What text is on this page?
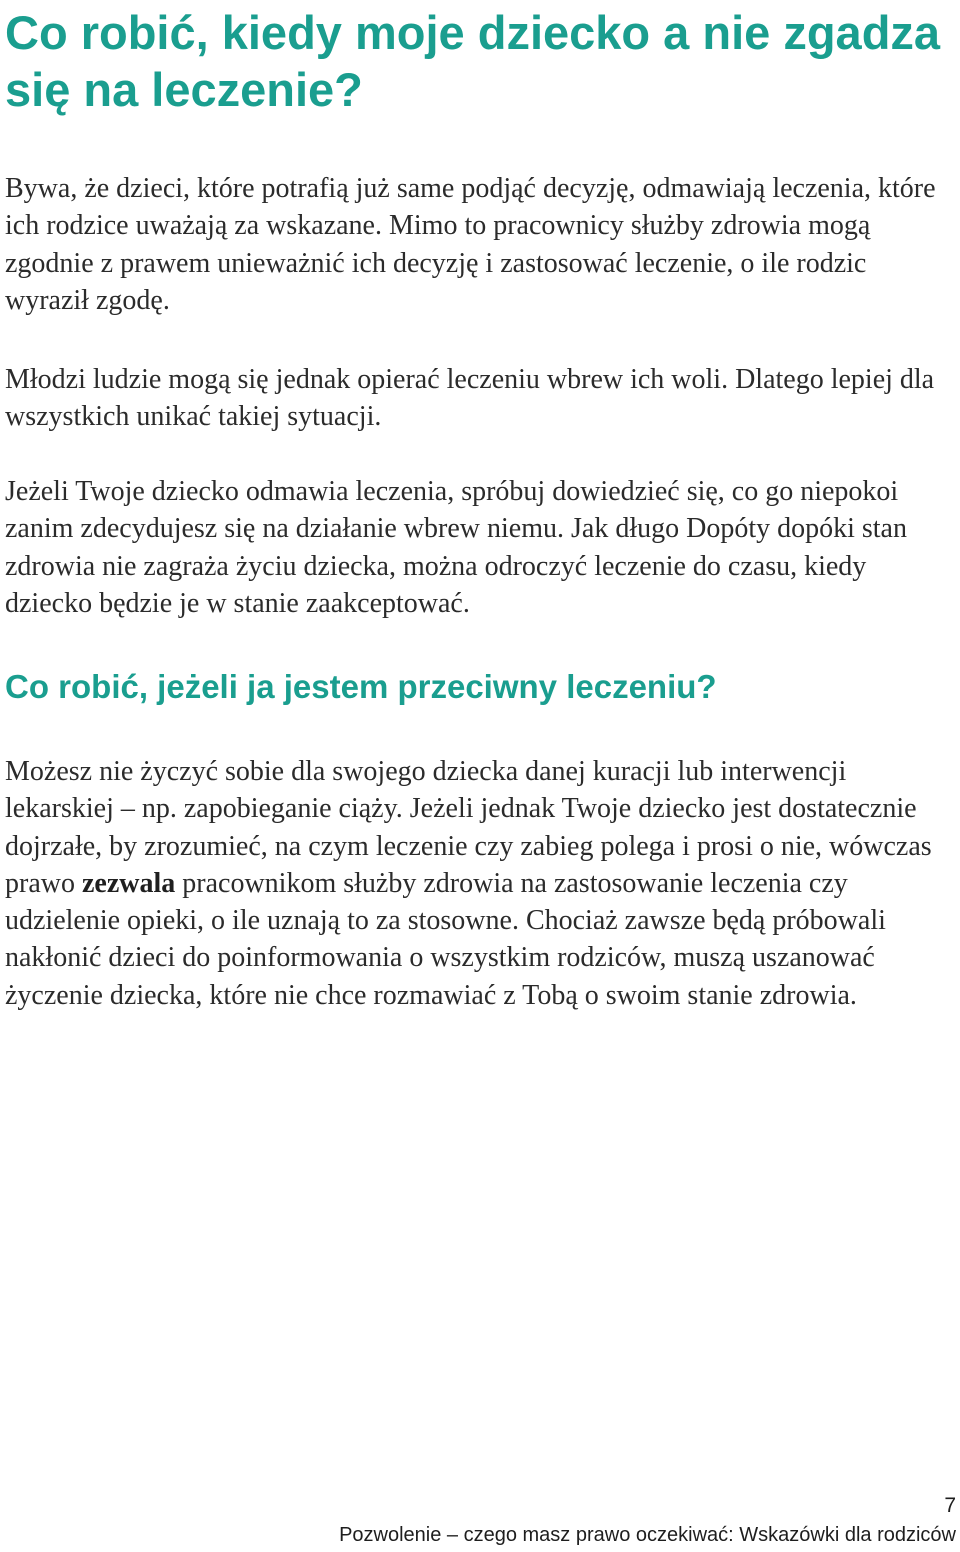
Co robić, kiedy moje dziecko a nie zgadza się na leczenie?

Bywa, że dzieci, które potrafią już same podjąć decyzję, odmawiają leczenia, które ich rodzice uważają za wskazane. Mimo to pracownicy służby zdrowia mogą zgodnie z prawem unieważnić ich decyzję i zastosować leczenie, o ile rodzic wyraził zgodę.

Młodzi ludzie mogą się jednak opierać leczeniu wbrew ich woli. Dlatego lepiej dla wszystkich unikać takiej sytuacji.

Jeżeli Twoje dziecko odmawia leczenia, spróbuj dowiedzieć się, co go niepokoi zanim zdecydujesz się na działanie wbrew niemu. Jak długo Dopóty dopóki stan zdrowia nie zagraża życiu dziecka, można odroczyć leczenie do czasu, kiedy dziecko będzie je w stanie zaakceptować.

Co robić, jeżeli ja jestem przeciwny leczeniu?

Możesz nie życzyć sobie dla swojego dziecka danej kuracji lub interwencji lekarskiej – np. zapobieganie ciąży. Jeżeli jednak Twoje dziecko jest dostatecznie dojrzałe, by zrozumieć, na czym leczenie czy zabieg polega i prosi o nie, wówczas prawo zezwala pracownikom służby zdrowia na zastosowanie leczenia czy udzielenie opieki, o ile uznają to za stosowne. Chociaż zawsze będą próbowali nakłonić dzieci do poinformowania o wszystkim rodziców, muszą uszanować życzenie dziecka, które nie chce rozmawiać z Tobą o swoim stanie zdrowia.

7
Pozwolenie – czego masz prawo oczekiwać: Wskazówki dla rodziców
